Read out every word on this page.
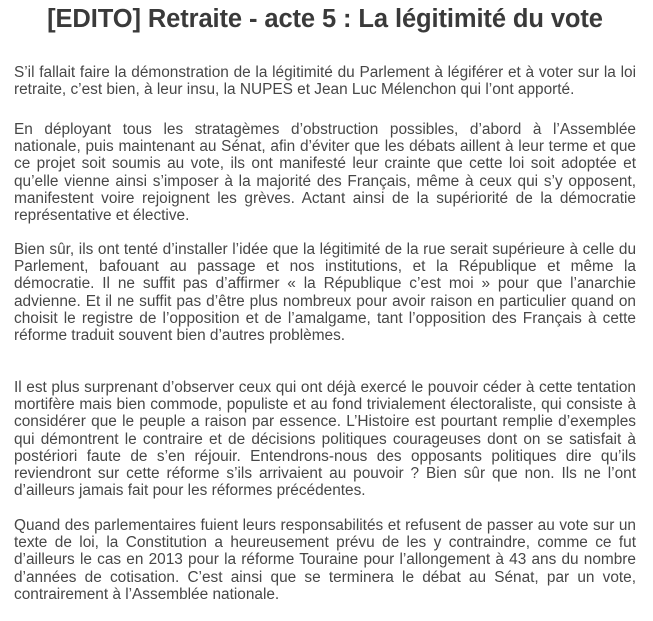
[EDITO] Retraite - acte 5 : La légitimité du vote

S’il fallait faire la démonstration de la légitimité du Parlement à légiférer et à voter sur la loi retraite, c’est bien, à leur insu, la NUPES et Jean Luc Mélenchon qui l’ont apporté.

En déployant tous les stratagèmes d’obstruction possibles, d’abord à l’Assemblée nationale, puis maintenant au Sénat, afin d’éviter que les débats aillent à leur terme et que ce projet soit soumis au vote, ils ont manifesté leur crainte que cette loi soit adoptée et qu’elle vienne ainsi s’imposer à la majorité des Français, même à ceux qui s’y opposent, manifestent voire rejoignent les grèves. Actant ainsi de la supériorité de la démocratie représentative et élective.

Bien sûr, ils ont tenté d’installer l’idée que la légitimité de la rue serait supérieure à celle du Parlement, bafouant au passage et nos institutions, et la République et même la démocratie. Il ne suffit pas d’affirmer « la République c’est moi » pour que l’anarchie advienne. Et il ne suffit pas d’être plus nombreux pour avoir raison en particulier quand on choisit le registre de l’opposition et de l’amalgame, tant l’opposition des Français à cette réforme traduit souvent bien d’autres problèmes.

Il est plus surprenant d’observer ceux qui ont déjà exercé le pouvoir céder à cette tentation mortifère mais bien commode, populiste et au fond trivialement électoraliste, qui consiste à considérer que le peuple a raison par essence. L’Histoire est pourtant remplie d’exemples qui démontrent le contraire et de décisions politiques courageuses dont on se satisfait à postériori faute de s’en réjouir. Entendrons-nous des opposants politiques dire qu’ils reviendront sur cette réforme s’ils arrivaient au pouvoir ? Bien sûr que non. Ils ne l’ont d’ailleurs jamais fait pour les réformes précédentes.

Quand des parlementaires fuient leurs responsabilités et refusent de passer au vote sur un texte de loi, la Constitution a heureusement prévu de les y contraindre, comme ce fut d’ailleurs le cas en 2013 pour la réforme Touraine pour l’allongement à 43 ans du nombre d’années de cotisation. C’est ainsi que se terminera le débat au Sénat, par un vote, contrairement à l’Assemblée nationale.
